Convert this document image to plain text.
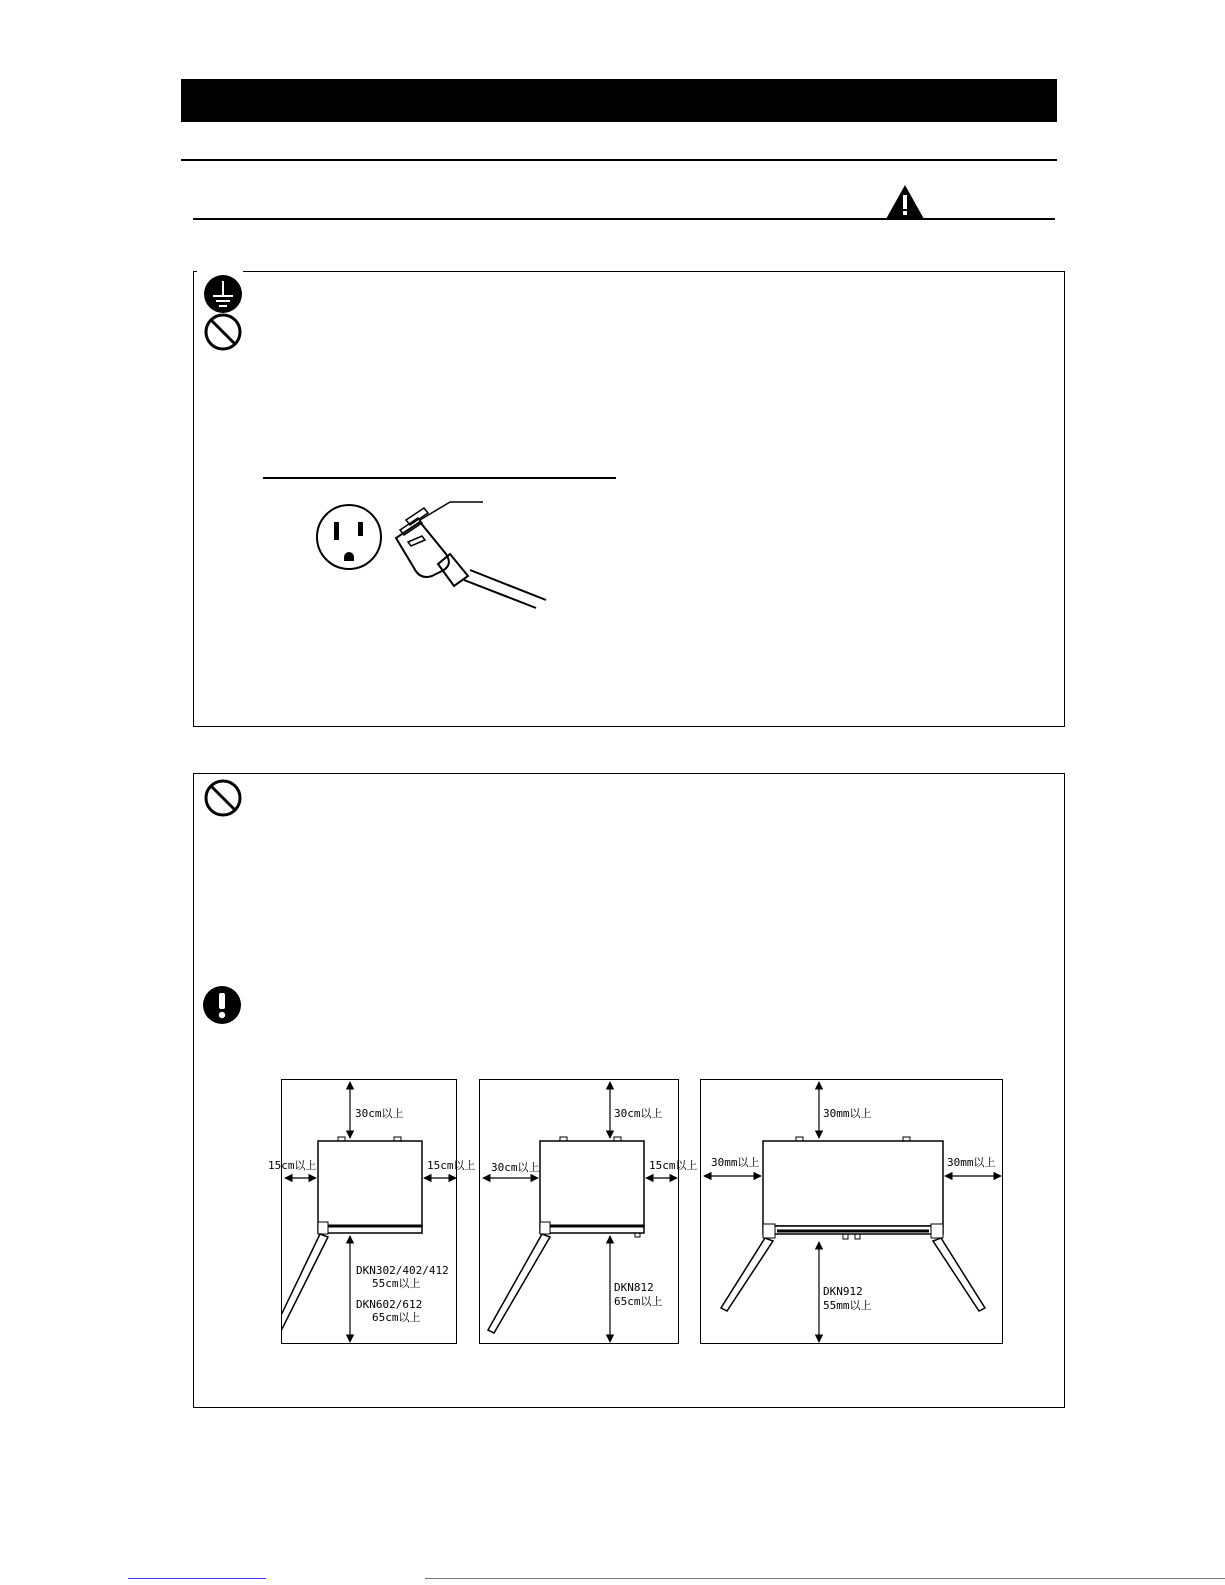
30cm以上
15cm以上	15cm以上
DKN302/402/412
55cm以上
DKN602/612
65cm以上
30cm以上
30cm以上	15cm以上
DKN812
65cm以上
30mm以上
30mm以上	30mm以上
DKN912
55mm以上
